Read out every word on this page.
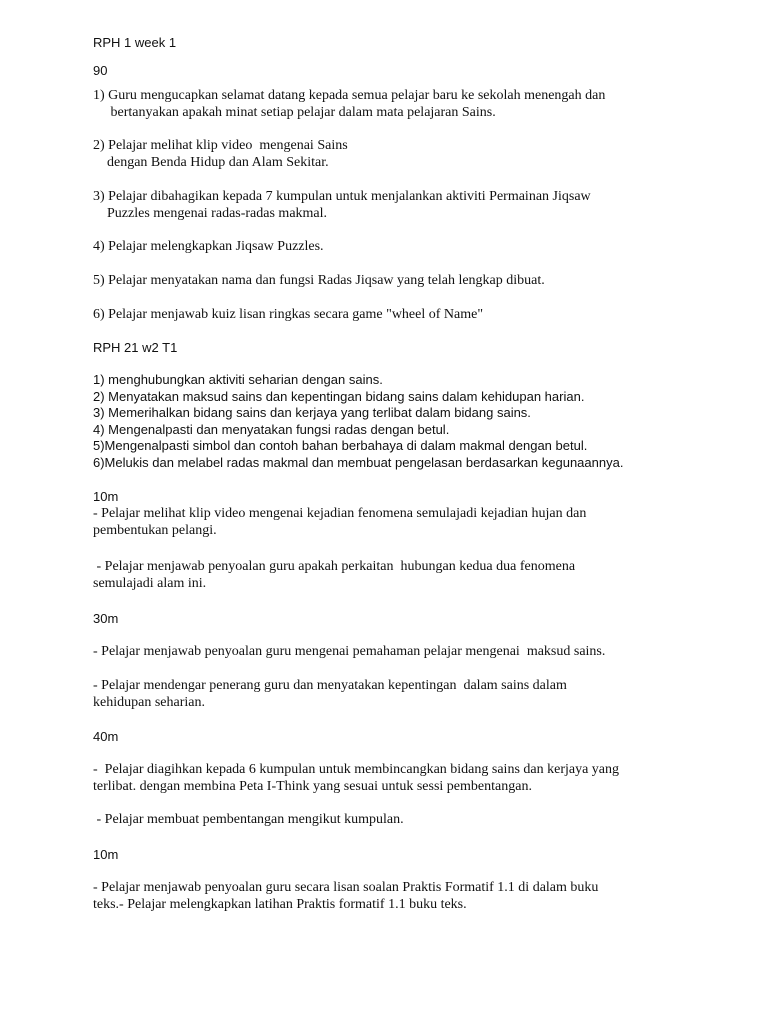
RPH 1 week 1
90
1) Guru mengucapkan selamat datang kepada semua pelajar baru ke sekolah menengah dan
bertanyakan apakah minat setiap pelajar dalam mata pelajaran Sains.
2) Pelajar melihat klip video  mengenai Sains
dengan Benda Hidup dan Alam Sekitar.
3) Pelajar dibahagikan kepada 7 kumpulan untuk menjalankan aktiviti Permainan Jiqsaw
Puzzles mengenai radas-radas makmal.
4) Pelajar melengkapkan Jiqsaw Puzzles.
5) Pelajar menyatakan nama dan fungsi Radas Jiqsaw yang telah lengkap dibuat.
6) Pelajar menjawab kuiz lisan ringkas secara game "wheel of Name"
RPH 21 w2 T1
1) menghubungkan aktiviti seharian dengan sains.
2) Menyatakan maksud sains dan kepentingan bidang sains dalam kehidupan harian.
3) Memerihalkan bidang sains dan kerjaya yang terlibat dalam bidang sains.
4) Mengenalpasti dan menyatakan fungsi radas dengan betul.
5)Mengenalpasti simbol dan contoh bahan berbahaya di dalam makmal dengan betul.
6)Melukis dan melabel radas makmal dan membuat pengelasan berdasarkan kegunaannya.
10m
- Pelajar melihat klip video mengenai kejadian fenomena semulajadi kejadian hujan dan
pembentukan pelangi.
- Pelajar menjawab penyoalan guru apakah perkaitan  hubungan kedua dua fenomena
semulajadi alam ini.
30m
- Pelajar menjawab penyoalan guru mengenai pemahaman pelajar mengenai  maksud sains.
- Pelajar mendengar penerang guru dan menyatakan kepentingan  dalam sains dalam
kehidupan seharian.
40m
-  Pelajar diagihkan kepada 6 kumpulan untuk membincangkan bidang sains dan kerjaya yang
terlibat. dengan membina Peta I-Think yang sesuai untuk sessi pembentangan.
- Pelajar membuat pembentangan mengikut kumpulan.
10m
- Pelajar menjawab penyoalan guru secara lisan soalan Praktis Formatif 1.1 di dalam buku
teks.- Pelajar melengkapkan latihan Praktis formatif 1.1 buku teks.
